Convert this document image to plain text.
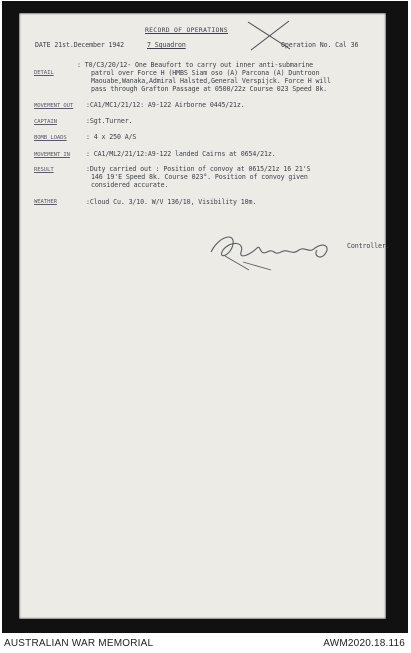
RECORD OF OPERATIONS
DATE 21st.December 1942	7 Squadron	Operation No. Cal 36
DETAIL
: T0/C3/20/12- One Beaufort to carry out inner anti-submarine
patrol over Force H (HMBS Siam oso (A) Parcona (A) Duntroon
Maouabe,Wanaka,Admiral Halsted,General Verspijck. Force H will
pass through Grafton Passage at 0500/22z Course 023 Speed 8k.
MOVEMENT OUT :CA1/MC1/21/12: A9-122 Airborne 0445/21z.
CAPTAIN	:Sgt.Turner.
BOMB LOADS	: 4 x 250 A/S
MOVEMENT IN : CA1/ML2/21/12:A9-122 landed Cairns at 0654/21z.
RESULT	:Duty carried out : Position of convoy at 0615/21z 16 21'S
146 19'E Speed 8k. Course 023°. Position of convoy given
considered accurate.
WEATHER	:Cloud Cu. 3/10. W/V 136/10, Visibility 10m.
Controller.
AUSTRALIAN WAR MEMORIAL	AWM2020.18.116
